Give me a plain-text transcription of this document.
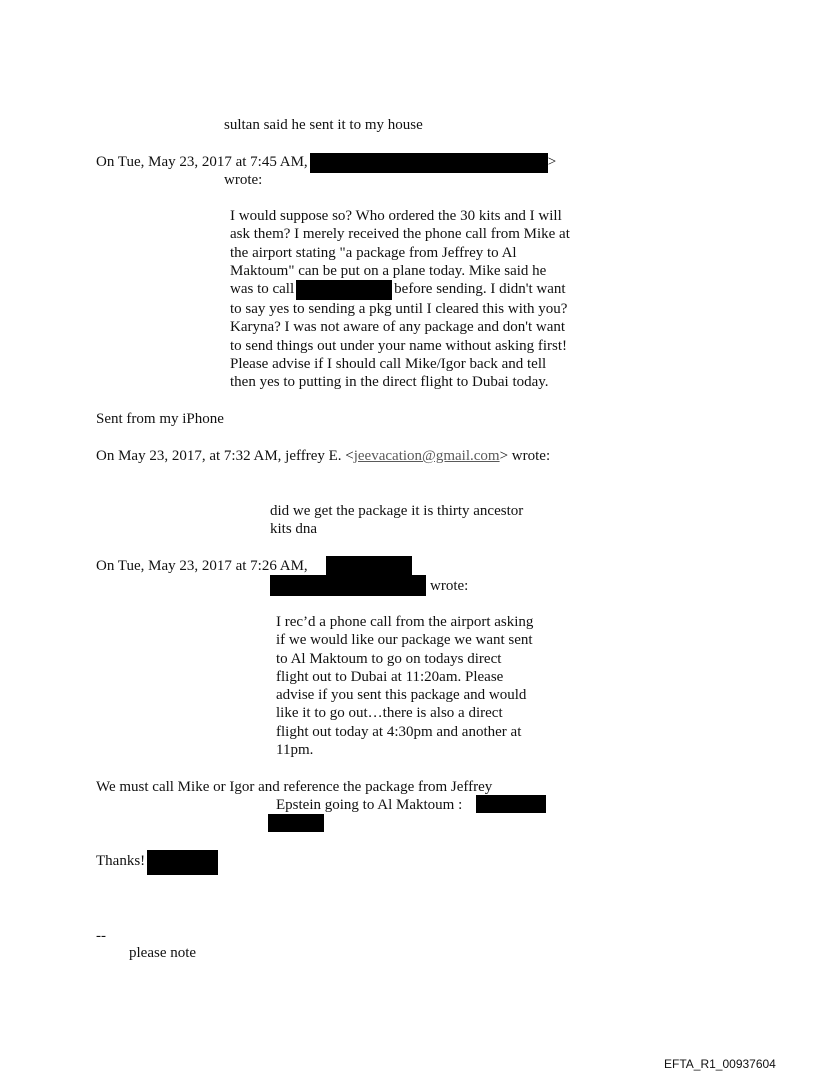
sultan said he sent it to my house
On Tue, May 23, 2017 at 7:45 AM,	>
wrote:
I would suppose so? Who ordered the 30 kits and I will
ask them? I merely received the phone call from Mike at
the airport stating "a package from Jeffrey to Al
Maktoum" can be put on a plane today. Mike said he
was to call	before sending. I didn't want
to say yes to sending a pkg until I cleared this with you?
Karyna? I was not aware of any package and don't want
to send things out under your name without asking first!
Please advise if I should call Mike/Igor back and tell
then yes to putting in the direct flight to Dubai today.
Sent from my iPhone
On May 23, 2017, at 7:32 AM, jeffrey E. <jeevacation@gmail.com> wrote:
did we get the package it is thirty ancestor
kits dna
On Tue, May 23, 2017 at 7:26 AM,
wrote:
I rec’d a phone call from the airport asking
if we would like our package we want sent
to Al Maktoum to go on todays direct
flight out to Dubai at 11:20am. Please
advise if you sent this package and would
like it to go out…there is also a direct
flight out today at 4:30pm and another at
11pm.
We must call Mike or Igor and reference the package from Jeffrey
Epstein going to Al Maktoum :
Thanks!
--
please note
EFTA_R1_00937604
